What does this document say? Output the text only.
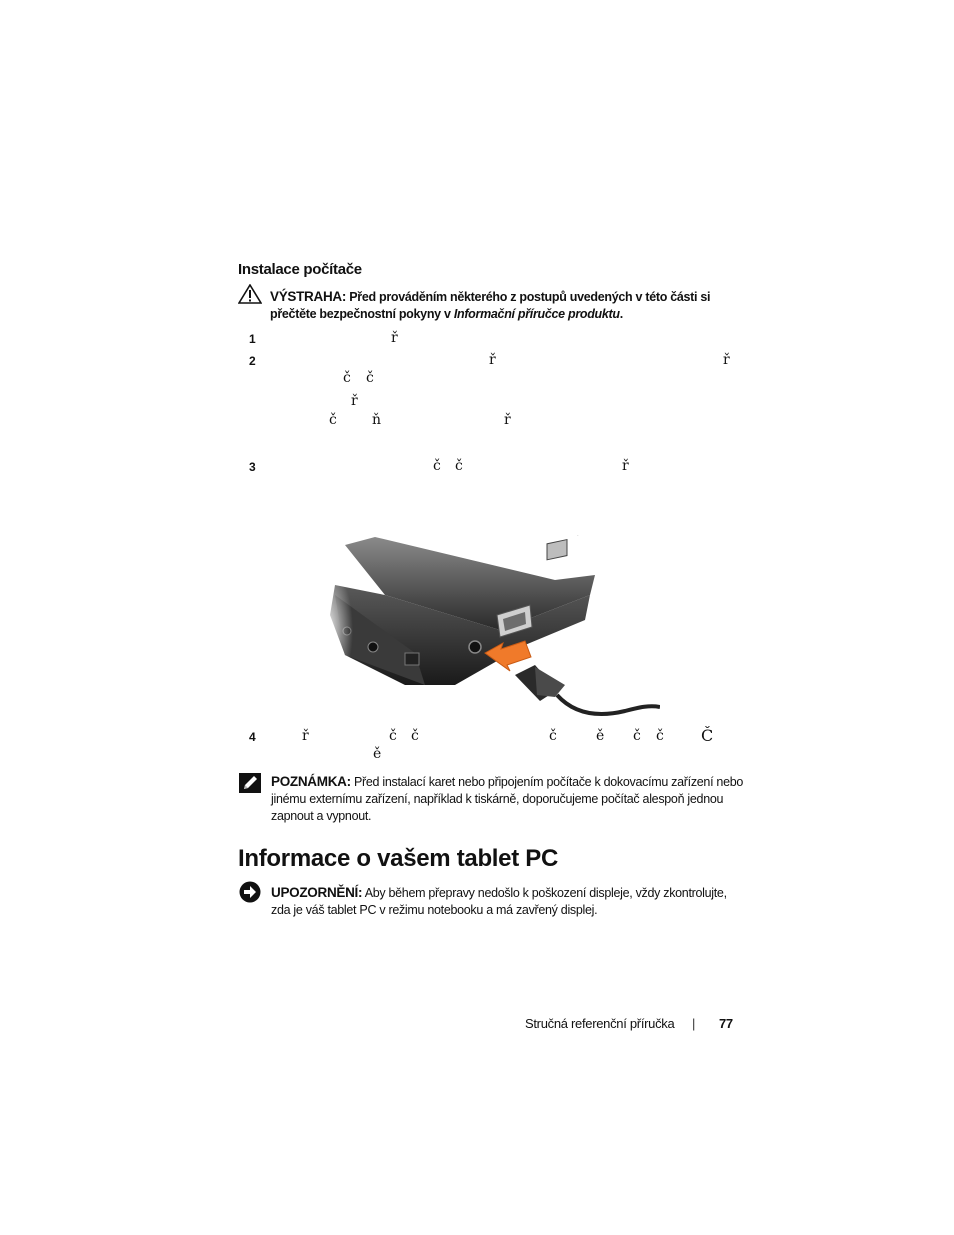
Instalace počítače
VÝSTRAHA: Před prováděním některého z postupů uvedených v této části si
přečtěte bezpečnostní pokyny v Informační příručce produktu.
1	ř
2	ř	ř
č č
ř
č	ň	ř
3	č č	ř
4	ř	č č	č	ě č č Č
ě
POZNÁMKA: Před instalací karet nebo připojením počítače k dokovacímu zařízení nebo
jinému externímu zařízení, například k tiskárně, doporučujeme počítač alespoň jednou
zapnout a vypnout.
Informace o vašem tablet PC
UPOZORNĚNÍ: Aby během přepravy nedošlo k poškození displeje, vždy zkontrolujte,
zda je váš tablet PC v režimu notebooku a má zavřený displej.
Stručná referenční příručka | 77
